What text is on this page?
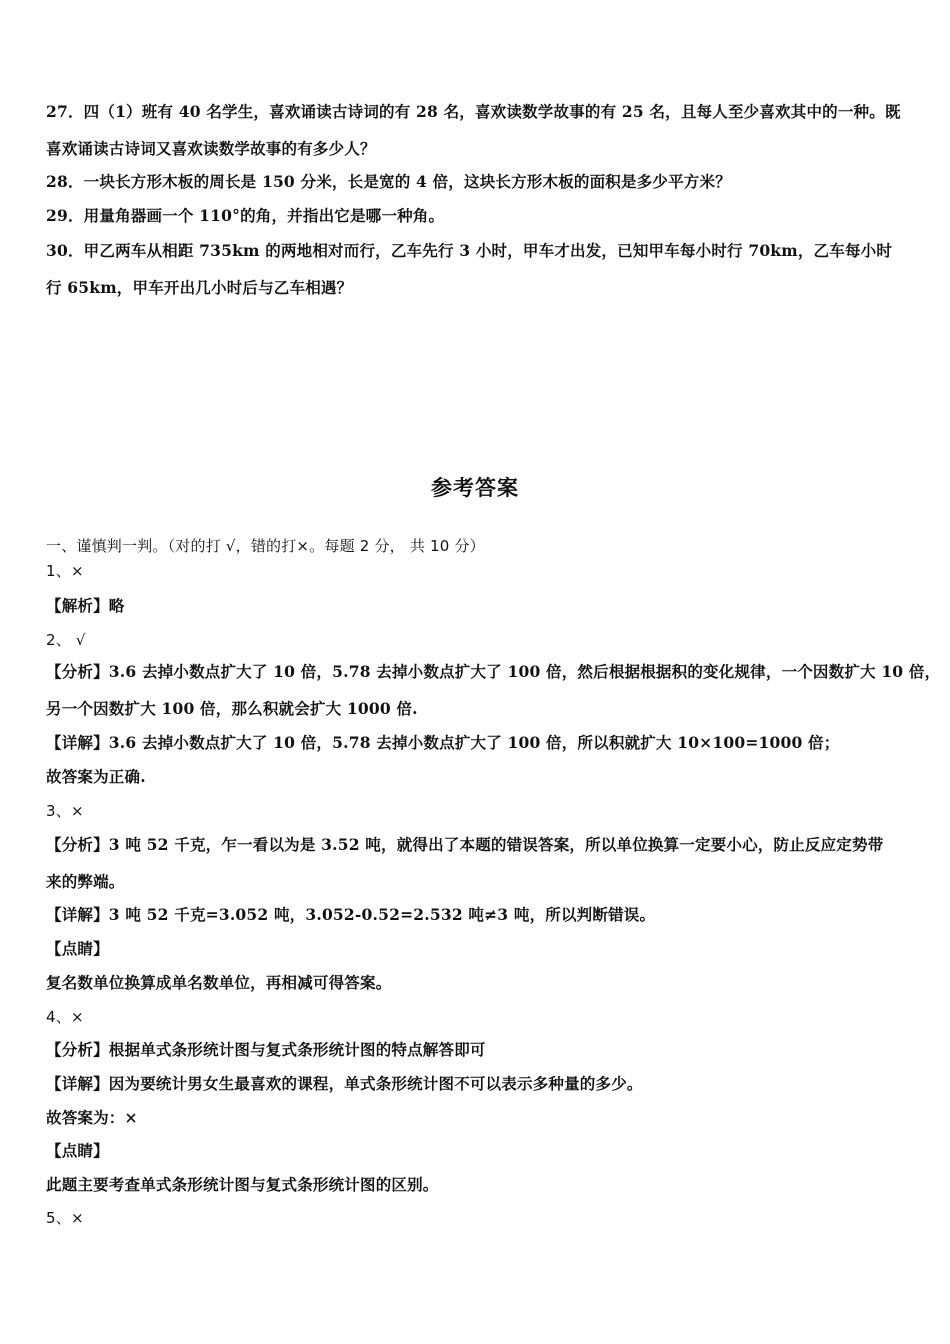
27．四（1）班有 40 名学生，喜欢诵读古诗词的有 28 名，喜欢读数学故事的有 25 名，且每人至少喜欢其中的一种。既
喜欢诵读古诗词又喜欢读数学故事的有多少人？
28．一块长方形木板的周长是 150 分米，长是宽的 4 倍，这块长方形木板的面积是多少平方米？
29．用量角器画一个 110°的角，并指出它是哪一种角。
30．甲乙两车从相距 735km 的两地相对而行，乙车先行 3 小时，甲车才出发，已知甲车每小时行 70km，乙车每小时
行 65km，甲车开出几小时后与乙车相遇？
参考答案
一、谨慎判一判。（对的打 √，错的打×。每题 2 分， 共 10 分）
1、×
【解析】略
2、 √
【分析】3.6 去掉小数点扩大了 10 倍，5.78 去掉小数点扩大了 100 倍，然后根据根据积的变化规律，一个因数扩大 10 倍，
另一个因数扩大 100 倍，那么积就会扩大 1000 倍.
【详解】3.6 去掉小数点扩大了 10 倍，5.78 去掉小数点扩大了 100 倍，所以积就扩大 10×100=1000 倍；
故答案为正确.
3、×
【分析】3 吨 52 千克，乍一看以为是 3.52 吨，就得出了本题的错误答案，所以单位换算一定要小心，防止反应定势带
来的弊端。
【详解】3 吨 52 千克=3.052 吨，3.052-0.52=2.532 吨≠3 吨，所以判断错误。
【点睛】
复名数单位换算成单名数单位，再相减可得答案。
4、×
【分析】根据单式条形统计图与复式条形统计图的特点解答即可
【详解】因为要统计男女生最喜欢的课程，单式条形统计图不可以表示多种量的多少。
故答案为：×
【点睛】
此题主要考查单式条形统计图与复式条形统计图的区别。
5、×
